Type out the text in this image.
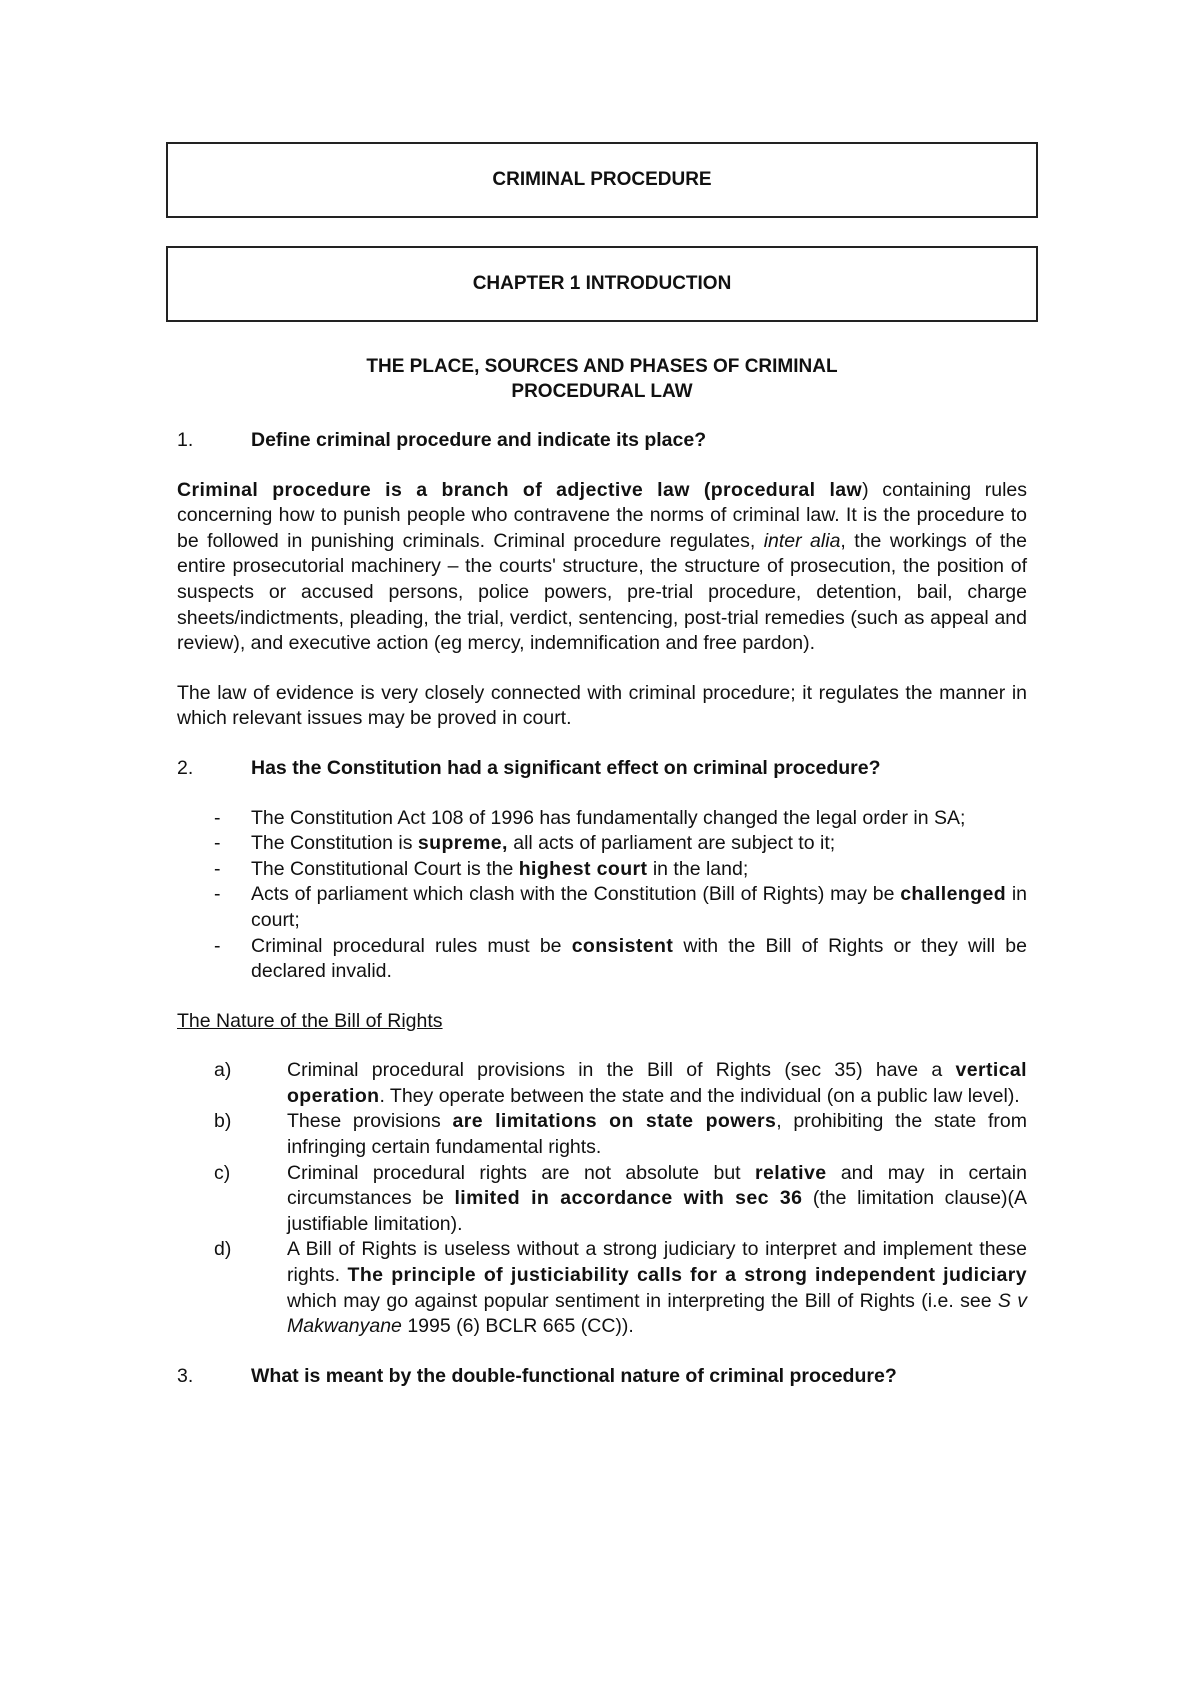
CRIMINAL PROCEDURE
CHAPTER 1 INTRODUCTION
THE PLACE, SOURCES AND PHASES OF CRIMINAL
PROCEDURAL LAW
1.	Define criminal procedure and indicate its place?

Criminal procedure is a branch of adjective law (procedural law) containing rules concerning how to punish people who contravene the norms of criminal law. It is the procedure to be followed in punishing criminals. Criminal procedure regulates, inter alia, the workings of the entire prosecutorial machinery – the courts' structure, the structure of prosecution, the position of suspects or accused persons, police powers, pre-trial procedure, detention, bail, charge sheets/indictments, pleading, the trial, verdict, sentencing, post-trial remedies (such as appeal and review), and executive action (eg mercy, indemnification and free pardon).

The law of evidence is very closely connected with criminal procedure; it regulates the manner in which relevant issues may be proved in court.

2.	Has the Constitution had a significant effect on criminal procedure?
-	The Constitution Act 108 of 1996 has fundamentally changed the legal order in SA;
-	The Constitution is supreme, all acts of parliament are subject to it;
-	The Constitutional Court is the highest court in the land;
-	Acts of parliament which clash with the Constitution (Bill of Rights) may be challenged in court;
-	Criminal procedural rules must be consistent with the Bill of Rights or they will be declared invalid.
The Nature of the Bill of Rights
a)	Criminal procedural provisions in the Bill of Rights (sec 35) have a vertical operation. They operate between the state and the individual (on a public law level).
b)	These provisions are limitations on state powers, prohibiting the state from infringing certain fundamental rights.
c)	Criminal procedural rights are not absolute but relative and may in certain circumstances be limited in accordance with sec 36 (the limitation clause)(A justifiable limitation).
d)	A Bill of Rights is useless without a strong judiciary to interpret and implement these rights. The principle of justiciability calls for a strong independent judiciary which may go against popular sentiment in interpreting the Bill of Rights (i.e. see S v Makwanyane 1995 (6) BCLR 665 (CC)).
3.	What is meant by the double-functional nature of criminal procedure?
